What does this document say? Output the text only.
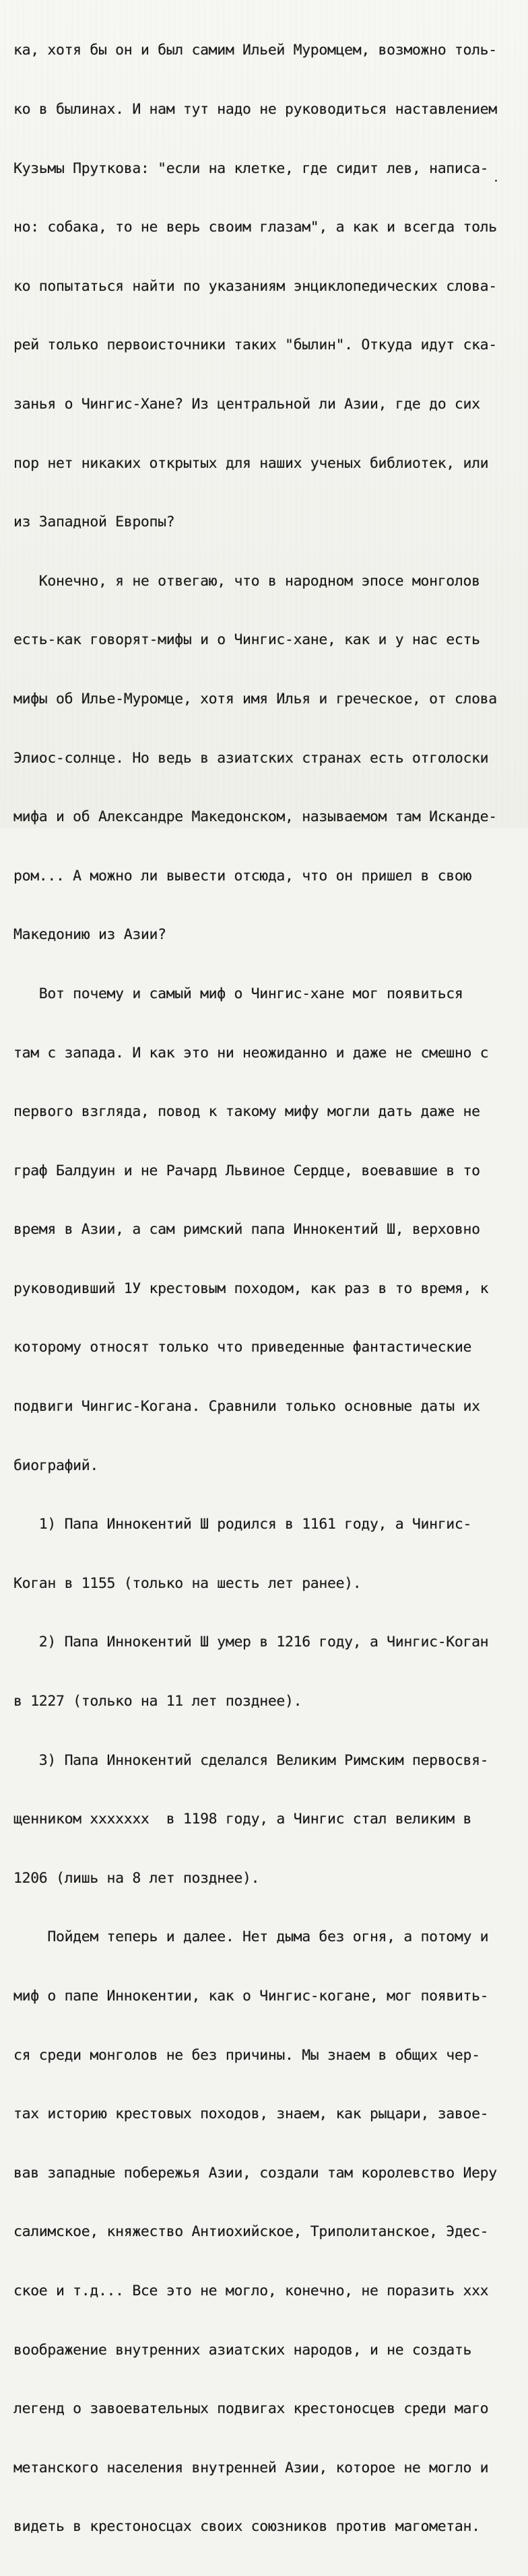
ка, хотя бы он и был самим Ильей Муромцем, возможно толь-

ко в былинах. И нам тут надо не руководиться наставлением

Кузьмы Пруткова: "если на клетке, где сидит лев, написа-

но: собака, то не верь своим глазам", а как и всегда толь

ко попытаться найти по указаниям энциклопедических слова-

рей только первоисточники таких "былин". Откуда идут ска-

занья о Чингис-Хане? Из центральной ли Азии, где до сих

пор нет никаких открытых для наших ученых библиотек, или

из Западной Европы?

Конечно, я не отвегаю, что в народном эпосе монголов

есть-как говорят-мифы и о Чингис-хане, как и у нас есть

мифы об Илье-Муромце, хотя имя Илья и греческое, от слова

Элиос-солнце. Но ведь в азиатских странах есть отголоски

мифа и об Александре Македонском, называемом там Исканде-

ром... А можно ли вывести отсюда, что он пришел в свою

Македонию из Азии?

Вот почему и самый миф о Чингис-хане мог появиться

там с запада. И как это ни неожиданно и даже не смешно с

первого взгляда, повод к такому мифу могли дать даже не

граф Балдуин и не Рачард Львиное Сердце, воевавшие в то

время в Азии, а сам римский папа Иннокентий Ш, верховно

руководивший 1У крестовым походом, как раз в то время, к

которому относят только что приведенные фантастические

подвиги Чингис-Когана. Сравнили только основные даты их

биографий.

1) Папа Иннокентий Ш родился в 1161 году, а Чингис-

Коган в 1155 (только на шесть лет ранее).

2) Папа Иннокентий Ш умер в 1216 году, а Чингис-Коган

в 1227 (только на 11 лет позднее).

3) Папа Иннокентий сделался Великим Римским первосвя-

щенником ххххххх  в 1198 году, а Чингис стал великим в

1206 (лишь на 8 лет позднее).

Пойдем теперь и далее. Нет дыма без огня, а потому и

миф о папе Иннокентии, как о Чингис-когане, мог появить-

ся среди монголов не без причины. Мы знаем в общих чер-

тах историю крестовых походов, знаем, как рыцари, завое-

вав западные побережья Азии, создали там королевство Иеру

салимское, княжество Антиохийское, Триполитанское, Эдес-

ское и т.д... Все это не могло, конечно, не поразить ххх

воображение внутренних азиатских народов, и не создать

легенд о завоевательных подвигах крестоносцев среди маго

метанского населения внутренней Азии, которое не могло и

видеть в крестоносцах своих союзников против магометан.
